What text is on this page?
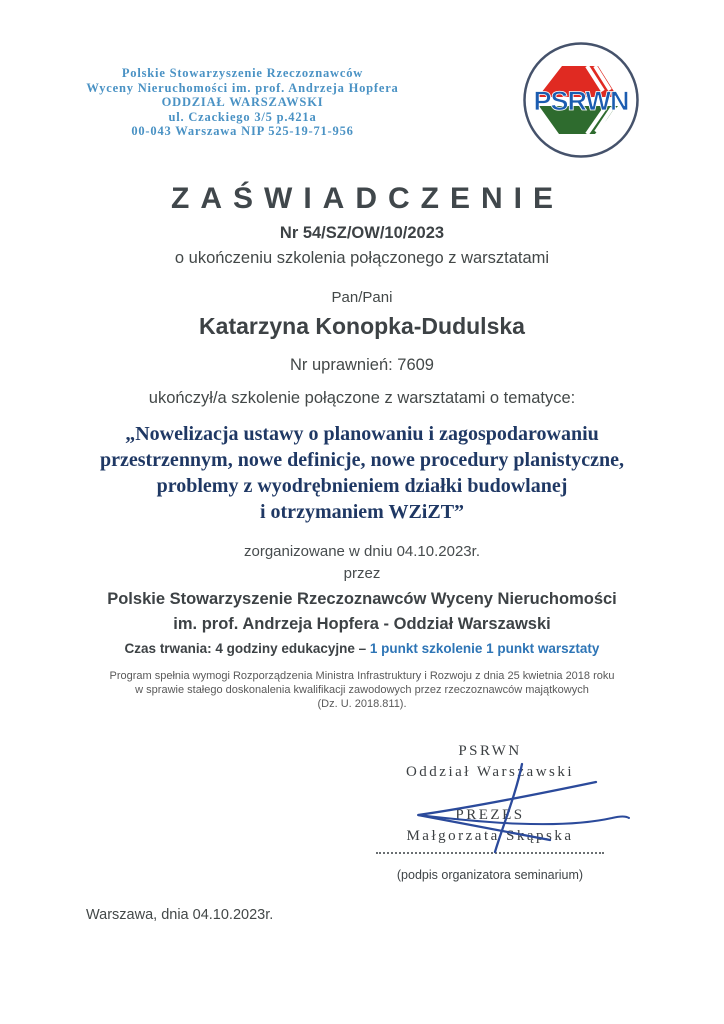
Polskie Stowarzyszenie Rzeczoznawców
Wyceny Nieruchomości im. prof. Andrzeja Hopfera
ODDZIAŁ WARSZAWSKI
ul. Czackiego 3/5 p.421a
00-043 Warszawa NIP 525-19-71-956
PSRWN
ZAŚWIADCZENIE
Nr 54/SZ/OW/10/2023
o ukończeniu szkolenia połączonego z warsztatami
Pan/Pani
Katarzyna Konopka-Dudulska
Nr uprawnień: 7609
ukończył/a szkolenie połączone z warsztatami o tematyce:
„Nowelizacja ustawy o planowaniu i zagospodarowaniu
przestrzennym, nowe definicje, nowe procedury planistyczne,
problemy z wyodrębnieniem działki budowlanej
i otrzymaniem WZiZT”
zorganizowane w dniu 04.10.2023r.
przez
Polskie Stowarzyszenie Rzeczoznawców Wyceny Nieruchomości
im. prof. Andrzeja Hopfera - Oddział Warszawski
Czas trwania: 4 godziny edukacyjne – 1 punkt szkolenie 1 punkt warsztaty
Program spełnia wymogi Rozporządzenia Ministra Infrastruktury i Rozwoju z dnia 25 kwietnia 2018 roku
w sprawie stałego doskonalenia kwalifikacji zawodowych przez rzeczoznawców majątkowych
(Dz. U. 2018.811).
PSRWN
Oddział Warszawski
PREZES
Małgorzata Skąpska
(podpis organizatora seminarium)
Warszawa, dnia 04.10.2023r.
